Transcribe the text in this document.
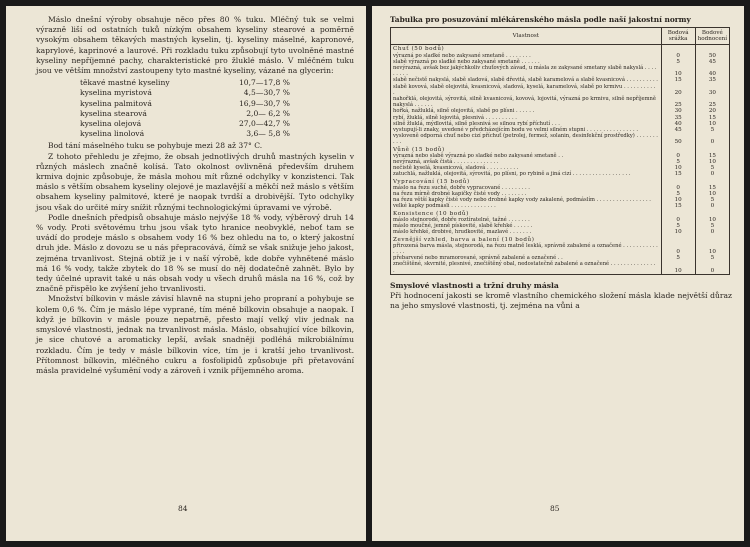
Máslo dnešní výroby obsahuje něco přes 80 % tuku. Mléčný tuk se velmi výrazně liší od ostatních tuků nízkým obsahem kyseliny stearové a poměrně vysokým obsahem těkavých mastných kyselin, tj. kyseliny máselné, kapronové, kaprylové, kaprinové a laurové. Při rozkladu tuku způsobují tyto uvolněné mastné kyseliny nepříjemné pachy, charakteristické pro žluklé máslo. V mléčném tuku jsou ve větším množství zastoupeny tyto mastné kyseliny, vázané na glycerin:

těkavé mastné kyseliny	10,7—17,8 %
kyselina myristová	4,5—30,7 %
kyselina palmitová	16,9—30,7 %
kyselina stearová	2,0— 6,2 %
kyselina olejová	27,0—42,7 %
kyselina linolová	3,6— 5,8 %

Bod tání máselného tuku se pohybuje mezi 28 až 37° C.

Z tohoto přehledu je zřejmo, že obsah jednotlivých druhů mastných kyselin v různých máslech značně kolísá. Tato okolnost ovlivněná především druhem krmiva dojnic způsobuje, že másla mohou mít různé odchylky v konzistenci. Tak máslo s větším obsahem kyseliny olejové je mazlavější a měkčí než máslo s větším obsahem kyseliny palmitové, které je naopak tvrdší a drobivější. Tyto odchylky jsou však do určité míry snížit různými technologickými úpravami ve výrobě.

Podle dnešních předpisů obsahuje máslo nejvýše 18 % vody, výběrový druh 14 % vody. Proti světovému trhu jsou však tyto hranice neobvyklé, neboť tam se uvádí do prodeje máslo s obsahem vody 16 % bez ohledu na to, o který jakostní druh jde. Máslo z dovozu se u nás přepracovává, čímž se však snižuje jeho jakost, zejména trvanlivost. Stejná obtíž je i v naší výrobě, kde dobře vyhnětené máslo má 16 % vody, takže zbytek do 18 % se musí do něj dodatečně zahnět. Bylo by tedy účelné upravit také u nás obsah vody u všech druhů másla na 16 %, což by značně přispělo ke zvýšení jeho trvanlivosti.

Množství bílkovin v másle závisí hlavně na stupni jeho propraní a pohybuje se kolem 0,6 %. Čím je máslo lépe vyprané, tím méně bílkovin obsahuje a naopak. I když je bílkovin v másle pouze nepatrně, přesto mají velký vliv jednak na smyslové vlastnosti, jednak na trvanlivost másla. Máslo, obsahující více bílkovin, je sice chutové a aromaticky lepší, avšak snadněji podléhá mikrobiálnímu rozkladu. Čím je tedy v másle bílkovin více, tím je i kratší jeho trvanlivost. Přítomnost bílkovin, mléčného cukru a fosfolipidů způsobuje při přetavování másla pravidelné vyšumění vody a zároveň i vznik příjemného aroma.

84
Tabulka pro posuzování mlékárenského másla podle naší jakostní normy
Vlastnost	Bodová srážka	Bodové hodnocení
Chuť (50 bodů)		
výrazná po sladké nebo zakysané smetaně . . . . . . . .	0	50
slabě výrazná po sladké nebo zakysané smetaně . . . . . .	5	45
nevýrazná, avšak bez jakýchkoliv chuťových závad, u másla ze zakysané smetany slabě nakyslá . . . . . . . . .	10	40
slabě nečistě nakyslá, slabě sladová, slabě dřevitá, slabě karamelová a slabě kvasnicová . . . . . . . . . .	15	35
slabě kovová, slabě olejovitá, kvasnicová, sladová, kyselá, karamelová, slabě po krmivu . . . . . . . . . . .	20	30
nahořklá, olejovitá, sýrovitá, silně kvasnicová, kovová, lojovitá, výrazná po krmivu, silně nepříjemně nakyslá . . . . . .	25	25
hořká, nažluklá, silně olejovitá, slabě po plísni . . . . . .	30	20
rybí, žluklá, silně lojovitá, plesnivá . . . . . . . . . .	35	15
silně žluklá, mýdlovitá, silně plesnivá se silnou rybí příchutí . . .	40	10
vystupují-li znaky, uvedené v předcházejícím bodu ve velmi silném stupni . . . . . . . . . . . . . . . .	45	5
vysloveně odporná chuť nebo cizí příchuť (petrolej, fermež, solanin, desinfekční prostředky) . . . . . . . . . .	50	0
Vůně (15 bodů)		
výrazná nebo slabě výrazná po sladké nebo zakysané smetaně . .	0	15
nevýrazná, avšak čistá . . . . . . . . . . . . . .	5	10
nečistě kyselá, kvasnicová, sladová . . . . . . . . . .	10	5
zatuchlá, nažluklá, olejovitá, sýrovitá, po plísni, po rybině a jiná cizí . . . . . . . . . . . . . . . . . .	15	0
Vypracování (15 bodů)		
máslo na řezu suché, dobře vypracované . . . . . . . . .	0	15
na řezu mírně drobné kapičky čisté vody . . . . . . . .	5	10
na řezu větší kapky čisté vody nebo drobné kapky vody zakalené, podmáslím . . . . . . . . . . . . . . . . .	10	5
velké kapky podmáslí . . . . . . . . . . . . . .	15	0
Konsistence (10 bodů)		
máslo stejnorodé, dobře roztíratelné, tažné . . . . . . .	0	10
máslo moučné, jemně pískovité, slabě křehké . . . . . .	5	5
máslo křehké, drobivé, hrudkovité, mazlavé . . . . . . .	10	0
Zevnější vzhled, barva a balení (10 bodů)		
přirozená barva másla, stejnorodá, na řezu matně lesklá, správně zabalené a označené . . . . . . . . . . . . . . .	0	10
přebarvené nebo mramorované, správně zabalené a označené . .	5	5
znečištěné, skvrnité, plesnivé, znečištěný obal, nedostatečně zabalené a označené . . . . . . . . . . . . . . .	10	0
Smyslové vlastnosti a tržní druhy másla

Při hodnocení jakosti se kromě vlastního chemického složení másla klade největší důraz na jeho smyslové vlastnosti, tj. zejména na vůni a

85
